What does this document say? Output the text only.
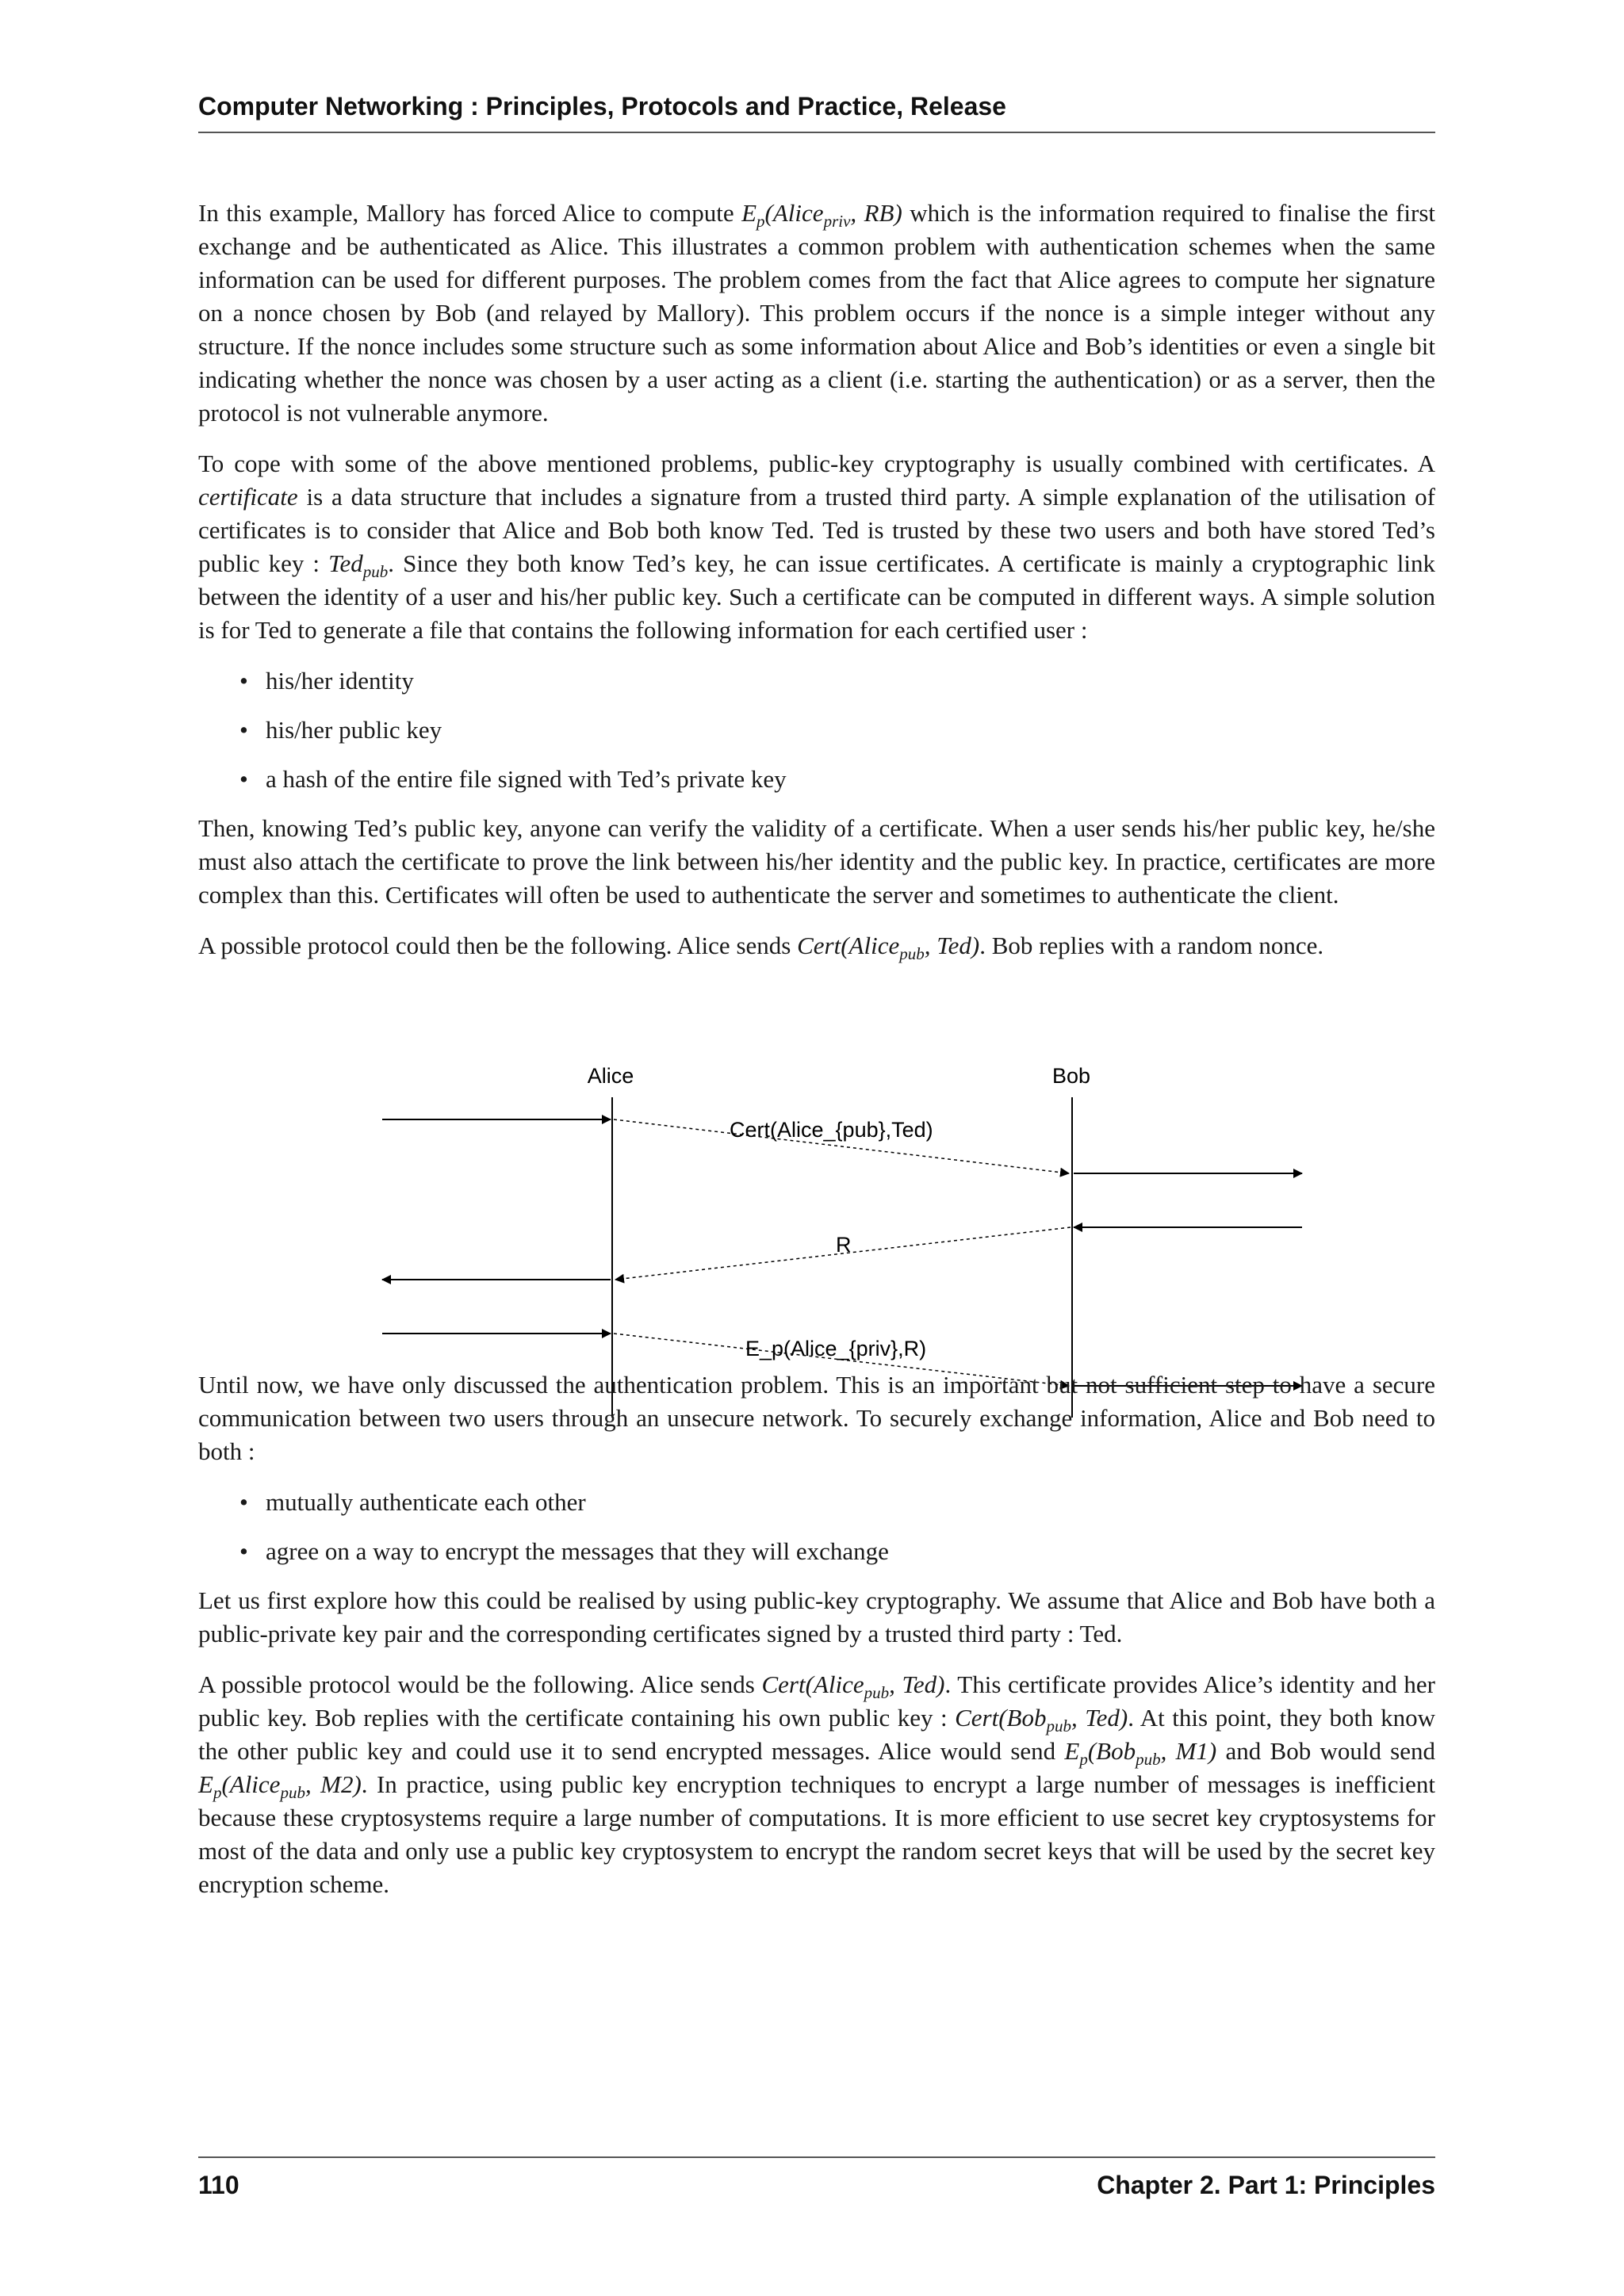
Computer Networking : Principles, Protocols and Practice, Release

In this example, Mallory has forced Alice to compute $E_p(Alice_{priv}$, RB) which is the information required to finalise the first exchange and be authenticated as Alice. This illustrates a common problem with authentication schemes when the same information can be used for different purposes. The problem comes from the fact that Alice agrees to compute her signature on a nonce chosen by Bob (and relayed by Mallory). This problem occurs if the nonce is a simple integer without any structure. If the nonce includes some structure such as some information about Alice and Bob’s identities or even a single bit indicating whether the nonce was chosen by a user acting as a client (i.e. starting the authentication) or as a server, then the protocol is not vulnerable anymore.

To cope with some of the above mentioned problems, public-key cryptography is usually combined with certificates. A certificate is a data structure that includes a signature from a trusted third party. A simple explanation of the utilisation of certificates is to consider that Alice and Bob both know Ted. Ted is trusted by these two users and both have stored Ted’s public key : Ted$_{pub}$. Since they both know Ted’s key, he can issue certificates. A certificate is mainly a cryptographic link between the identity of a user and his/her public key. Such a certificate can be computed in different ways. A simple solution is for Ted to generate a file that contains the following information for each certified user :

• his/her identity
• his/her public key
• a hash of the entire file signed with Ted’s private key

Then, knowing Ted’s public key, anyone can verify the validity of a certificate. When a user sends his/her public key, he/she must also attach the certificate to prove the link between his/her identity and the public key. In practice, certificates are more complex than this. Certificates will often be used to authenticate the server and sometimes to authenticate the client.

A possible protocol could then be the following. Alice sends Cert(Alice$_{pub}$, Ted). Bob replies with a random nonce.

Alice	Bob
Cert(Alice_{pub},Ted)
R
E_p(Alice_{priv},R)

Until now, we have only discussed the authentication problem. This is an important but not sufficient step to have a secure communication between two users through an unsecure network. To securely exchange information, Alice and Bob need to both :

• mutually authenticate each other
• agree on a way to encrypt the messages that they will exchange

Let us first explore how this could be realised by using public-key cryptography. We assume that Alice and Bob have both a public-private key pair and the corresponding certificates signed by a trusted third party : Ted.

A possible protocol would be the following. Alice sends Cert(Alice$_{pub}$, Ted). This certificate provides Alice’s identity and her public key. Bob replies with the certificate containing his own public key : Cert(Bob$_{pub}$, Ted). At this point, they both know the other public key and could use it to send encrypted messages. Alice would send $E_p(Bob_{pub}$, M1) and Bob would send $E_p(Alice_{pub}$, M2). In practice, using public key encryption techniques to encrypt a large number of messages is inefficient because these cryptosystems require a large number of computations. It is more efficient to use secret key cryptosystems for most of the data and only use a public key cryptosystem to encrypt the random secret keys that will be used by the secret key encryption scheme.

110	Chapter 2. Part 1: Principles
